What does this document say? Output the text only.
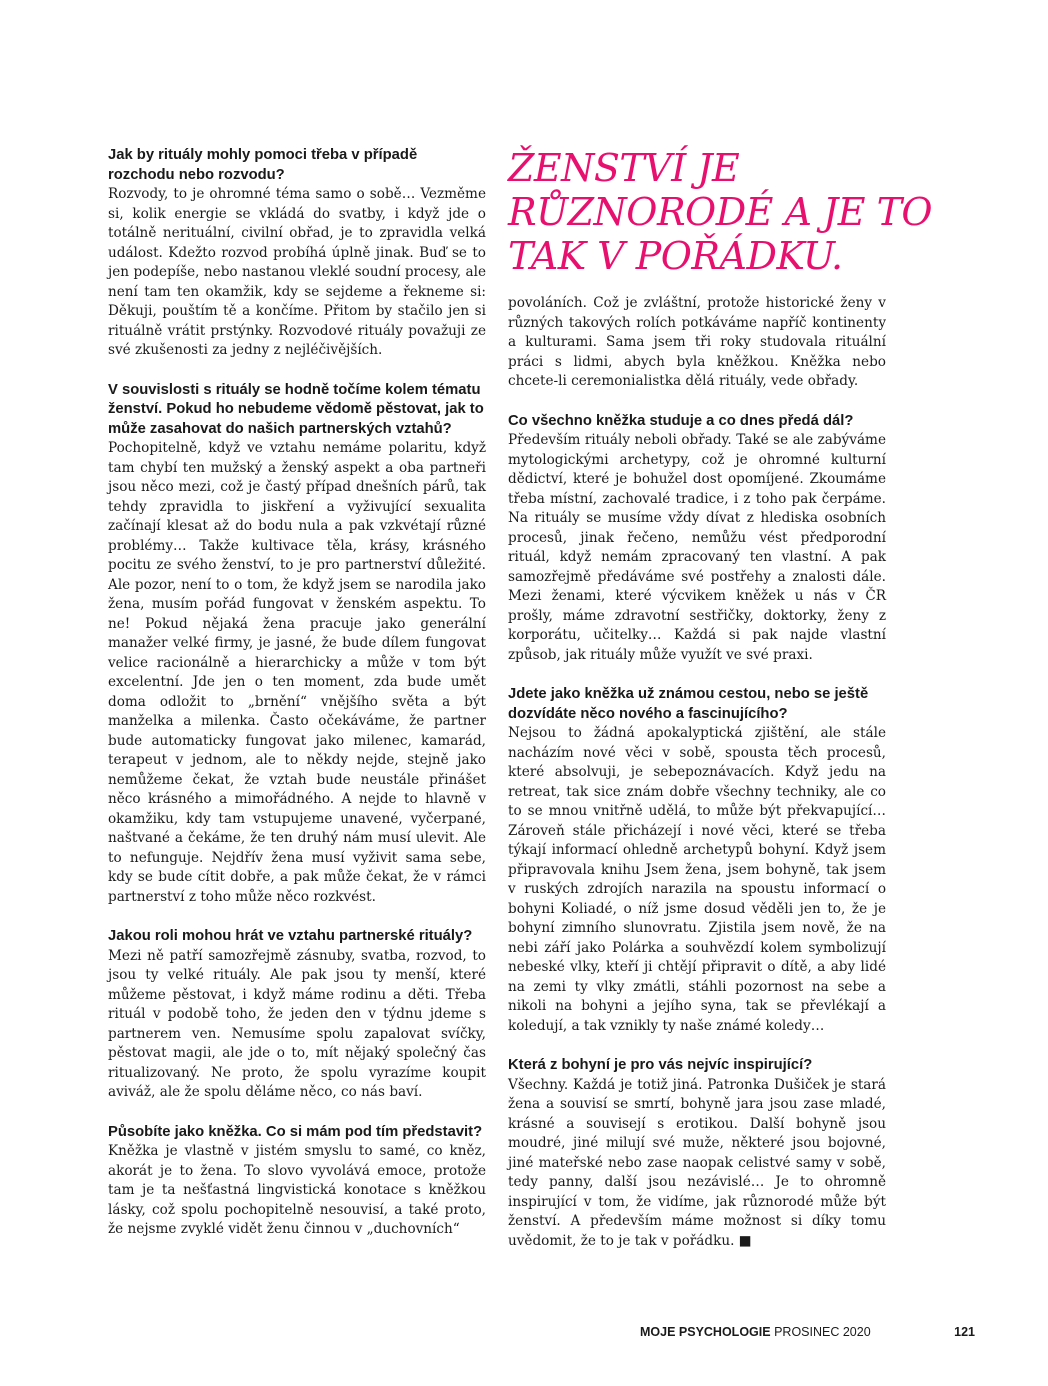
Jak by rituály mohly pomoci třeba v případě rozchodu nebo rozvodu?

Rozvody, to je ohromné téma samo o sobě… Vezměme si, kolik energie se vkládá do svatby, i když jde o totálně nerituální, civilní obřad, je to zpravidla velká událost. Kdežto rozvod probíhá úplně jinak. Buď se to jen podepíše, nebo nastanou vleklé soudní procesy, ale není tam ten okamžik, kdy se sejdeme a řekneme si: Děkuji, pouštím tě a končíme. Přitom by stačilo jen si rituálně vrátit prstýnky. Rozvodové rituály považuji ze své zkušenosti za jedny z nejléčivějších.

V souvislosti s rituály se hodně točíme kolem tématu ženství. Pokud ho nebudeme vědomě pěstovat, jak to může zasahovat do našich partnerských vztahů?

Pochopitelně, když ve vztahu nemáme polaritu, když tam chybí ten mužský a ženský aspekt a oba partneři jsou něco mezi, což je častý případ dnešních párů, tak tehdy zpravidla to jiskření a vyživující sexualita začínají klesat až do bodu nula a pak vzkvétají různé problémy… Takže kultivace těla, krásy, krásného pocitu ze svého ženství, to je pro partnerství důležité. Ale pozor, není to o tom, že když jsem se narodila jako žena, musím pořád fungovat v ženském aspektu. To ne! Pokud nějaká žena pracuje jako generální manažer velké firmy, je jasné, že bude dílem fungovat velice racionálně a hierarchicky a může v tom být excelentní. Jde jen o ten moment, zda bude umět doma odložit to „brnění“ vnějšího světa a být manželka a milenka. Často očekáváme, že partner bude automaticky fungovat jako milenec, kamarád, terapeut v jednom, ale to někdy nejde, stejně jako nemůžeme čekat, že vztah bude neustále přinášet něco krásného a mimořádného. A nejde to hlavně v okamžiku, kdy tam vstupujeme unavené, vyčerpané, naštvané a čekáme, že ten druhý nám musí ulevit. Ale to nefunguje. Nejdřív žena musí vyživit sama sebe, kdy se bude cítit dobře, a pak může čekat, že v rámci partnerství z toho může něco rozkvést.

Jakou roli mohou hrát ve vztahu partnerské rituály?

Mezi ně patří samozřejmě zásnuby, svatba, rozvod, to jsou ty velké rituály. Ale pak jsou ty menší, které můžeme pěstovat, i když máme rodinu a děti. Třeba rituál v podobě toho, že jeden den v týdnu jdeme s partnerem ven. Nemusíme spolu zapalovat svíčky, pěstovat magii, ale jde o to, mít nějaký společný čas ritualizovaný. Ne proto, že spolu vyrazíme koupit aviváž, ale že spolu děláme něco, co nás baví.

Působíte jako kněžka. Co si mám pod tím představit?

Kněžka je vlastně v jistém smyslu to samé, co kněz, akorát je to žena. To slovo vyvolává emoce, protože tam je ta nešťastná lingvistická konotace s kněžkou lásky, což spolu pochopitelně nesouvisí, a také proto, že nejsme zvyklé vidět ženu činnou v „duchovních“

ŽENSTVÍ JE RŮZNORODÉ A JE TO TAK V POŘÁDKU.

povoláních. Což je zvláštní, protože historické ženy v různých takových rolích potkáváme napříč kontinenty a kulturami. Sama jsem tři roky studovala rituální práci s lidmi, abych byla kněžkou. Kněžka nebo chcete-li ceremonialistka dělá rituály, vede obřady.

Co všechno kněžka studuje a co dnes předá dál?

Především rituály neboli obřady. Také se ale zabýváme mytologickými archetypy, což je ohromné kulturní dědictví, které je bohužel dost opomíjené. Zkoumáme třeba místní, zachovalé tradice, i z toho pak čerpáme. Na rituály se musíme vždy dívat z hlediska osobních procesů, jinak řečeno, nemůžu vést předporodní rituál, když nemám zpracovaný ten vlastní. A pak samozřejmě předáváme své postřehy a znalosti dále. Mezi ženami, které výcvikem kněžek u nás v ČR prošly, máme zdravotní sestřičky, doktorky, ženy z korporátu, učitelky… Každá si pak najde vlastní způsob, jak rituály může využít ve své praxi.

Jdete jako kněžka už známou cestou, nebo se ještě dozvídáte něco nového a fascinujícího?

Nejsou to žádná apokalyptická zjištění, ale stále nacházím nové věci v sobě, spousta těch procesů, které absolvuji, je sebepoznávacích. Když jedu na retreat, tak sice znám dobře všechny techniky, ale co to se mnou vnitřně udělá, to může být překvapující… Zároveň stále přicházejí i nové věci, které se třeba týkají informací ohledně archetypů bohyní. Když jsem připravovala knihu Jsem žena, jsem bohyně, tak jsem v ruských zdrojích narazila na spoustu informací o bohyni Koliadé, o níž jsme dosud věděli jen to, že je bohyní zimního slunovratu. Zjistila jsem nově, že na nebi září jako Polárka a souhvězdí kolem symbolizují nebeské vlky, kteří ji chtějí připravit o dítě, a aby lidé na zemi ty vlky zmátli, stáhli pozornost na sebe a nikoli na bohyni a jejího syna, tak se převlékají a koledují, a tak vznikly ty naše známé koledy…

Která z bohyní je pro vás nejvíc inspirující?

Všechny. Každá je totiž jiná. Patronka Dušiček je stará žena a souvisí se smrtí, bohyně jara jsou zase mladé, krásné a souvisejí s erotikou. Další bohyně jsou moudré, jiné milují své muže, některé jsou bojovné, jiné mateřské nebo zase naopak celistvé samy v sobě, tedy panny, další jsou nezávislé… Je to ohromně inspirující v tom, že vidíme, jak různorodé může být ženství. A především máme možnost si díky tomu uvědomit, že to je tak v pořádku. ■

MOJE PSYCHOLOGIE PROSINEC 2020	121
